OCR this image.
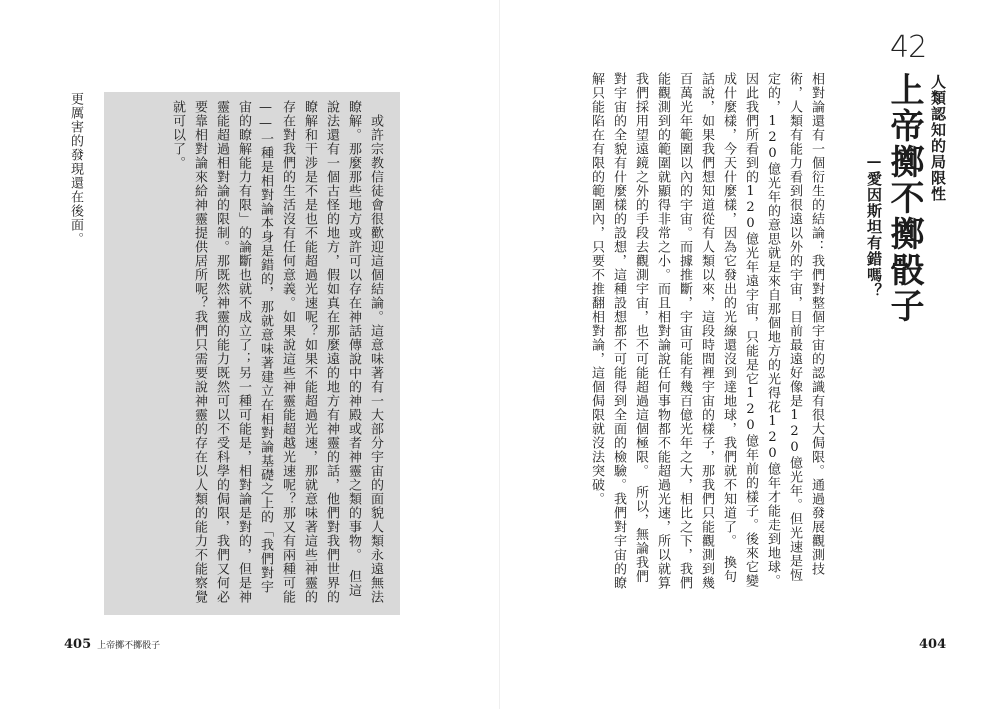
42
人類認知的局限性
上帝擲不擲骰子
—愛因斯坦有錯嗎？
相對論還有一個衍生的結論：我們對整個宇宙的認識有很大侷限。通過發展觀測技術，人類有能力看到很遠以外的宇宙，目前最遠好像是120億光年。但光速是恆定的，120億光年的意思就是來自那個地方的光得花120億年才能走到地球。因此我們所看到的120億光年遠宇宙，只能是它120億年前的樣子。後來它變成什麼樣，今天什麼樣，因為它發出的光線還沒到達地球，我們就不知道了。　換句話說，如果我們想知道從有人類以來，這段時間裡宇宙的樣子，那我們只能觀測到幾百萬光年範圍以內的宇宙。而據推斷，宇宙可能有幾百億光年之大，相比之下，我們能觀測到的範圍就顯得非常之小。而且相對論說任何事物都不能超過光速，所以就算我們採用望遠鏡之外的手段去觀測宇宙，也不可能超過這個極限。　所以，無論我們對宇宙的全貌有什麼樣的設想，這種設想都不可能得到全面的檢驗。我們對宇宙的瞭解只能陷在有限的範圍內，只要不推翻相對論，這個侷限就沒法突破。
404
　或許宗教信徒會很歡迎這個結論。這意味著有一大部分宇宙的面貌人類永遠無法瞭解。那麼那些地方或許可以存在神話傳說中的神殿或者神靈之類的事物。　但這說法還有一個古怪的地方，假如真在那麼遠的地方有神靈的話，他們對我們世界的瞭解和干涉是不是也不能超過光速呢？如果不能超過光速，那就意味著這些神靈的存在對我們的生活沒有任何意義。如果說這些神靈能超越光速呢？那又有兩種可能——一種是相對論本身是錯的，那就意味著建立在相對論基礎之上的「我們對宇宙的瞭解能力有限」的論斷也就不成立了；另一種可能是，相對論是對的，但是神靈能超過相對論的限制。那既然神靈的能力既然可以不受科學的侷限，我們又何必要靠相對論來給神靈提供居所呢？我們只需要說神靈的存在以人類的能力不能察覺就可以了。
更厲害的發現還在後面。
405 上帝擲不擲骰子
